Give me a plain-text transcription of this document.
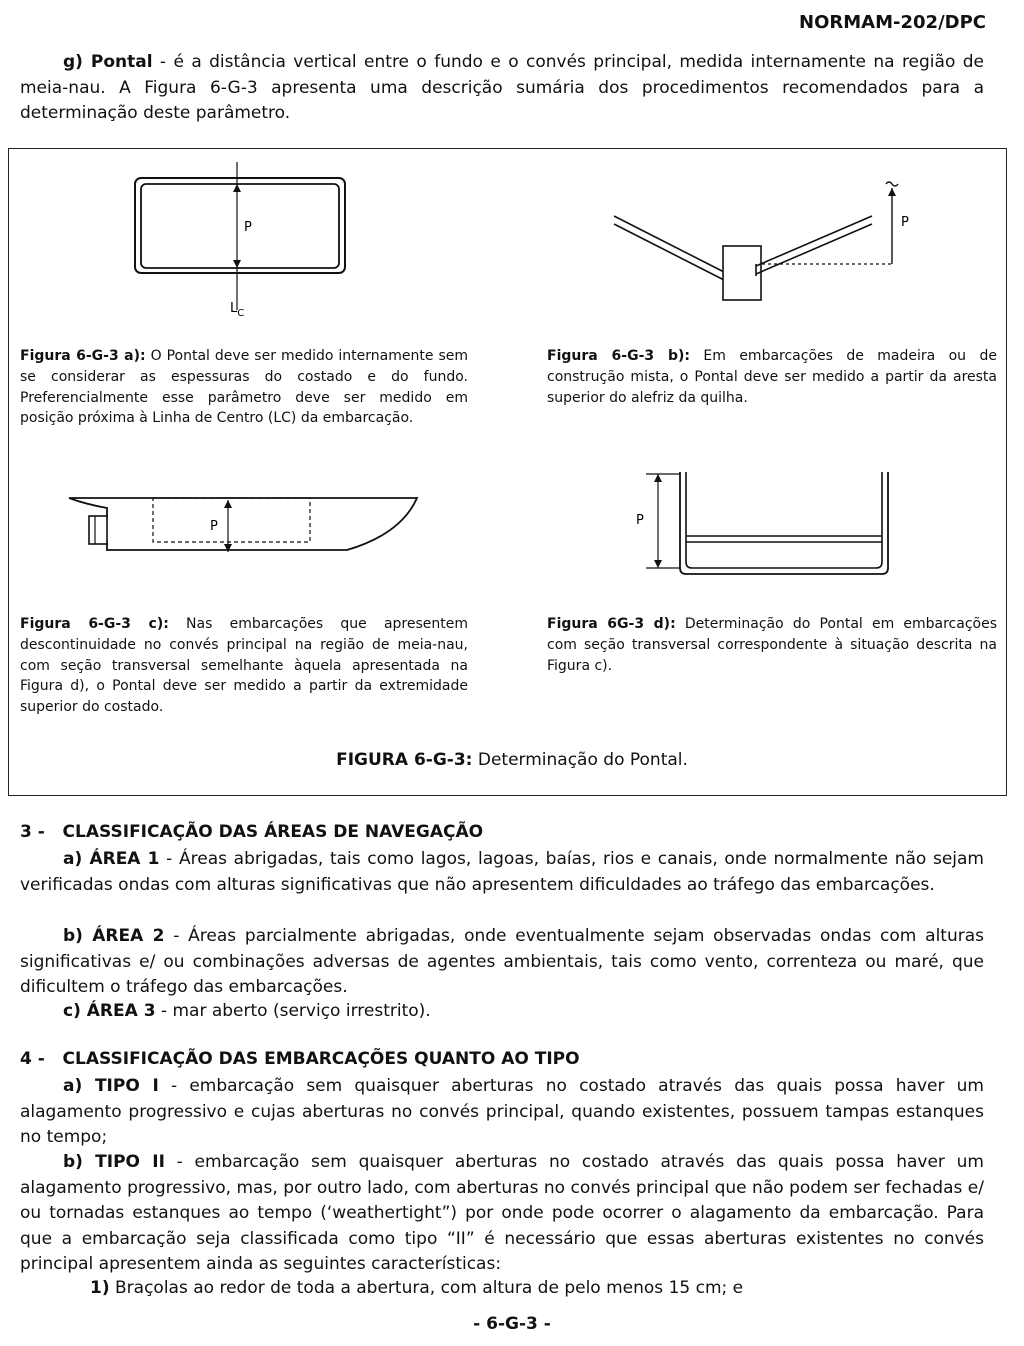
NORMAM-202/DPC
g) Pontal - é a distância vertical entre o fundo e o convés principal, medida internamente na região de meia-nau. A Figura 6-G-3 apresenta uma descrição sumária dos procedimentos recomendados para a determinação deste parâmetro.
P
$L_C$
P
Figura 6-G-3 a): O Pontal deve ser medido internamente sem se considerar as espessuras do costado e do fundo. Preferencialmente esse parâmetro deve ser medido em posição próxima à Linha de Centro (LC) da embarcação.
Figura 6-G-3 b): Em embarcações de madeira ou de construção mista, o Pontal deve ser medido a partir da aresta superior do alefriz da quilha.
P	P
Figura 6-G-3 c): Nas embarcações que apresentem descontinuidade no convés principal na região de meia-nau, com seção transversal semelhante àquela apresentada na Figura d), o Pontal deve ser medido a partir da extremidade superior do costado.
Figura 6G-3 d): Determinação do Pontal em embarcações com seção transversal correspondente à situação descrita na Figura c).
FIGURA 6-G-3: Determinação do Pontal.
3 -   CLASSIFICAÇÃO DAS ÁREAS DE NAVEGAÇÃO
a) ÁREA 1 - Áreas abrigadas, tais como lagos, lagoas, baías, rios e canais, onde normalmente não sejam verificadas ondas com alturas significativas que não apresentem dificuldades ao tráfego das embarcações.
b) ÁREA 2 - Áreas parcialmente abrigadas, onde eventualmente sejam observadas ondas com alturas significativas e/ ou combinações adversas de agentes ambientais, tais como vento, correnteza ou maré, que dificultem o tráfego das embarcações.
c) ÁREA 3 - mar aberto (serviço irrestrito).
4 -   CLASSIFICAÇÃO DAS EMBARCAÇÕES QUANTO AO TIPO
a) TIPO I - embarcação sem quaisquer aberturas no costado através das quais possa haver um alagamento progressivo e cujas aberturas no convés principal, quando existentes, possuem tampas estanques no tempo;
b) TIPO II - embarcação sem quaisquer aberturas no costado através das quais possa haver um alagamento progressivo, mas, por outro lado, com aberturas no convés principal que não podem ser fechadas e/ ou tornadas estanques ao tempo (‘weathertight”) por onde pode ocorrer o alagamento da embarcação. Para que a embarcação seja classificada como tipo “II” é necessário que essas aberturas existentes no convés principal apresentem ainda as seguintes características:
1) Braçolas ao redor de toda a abertura, com altura de pelo menos 15 cm; e
- 6-G-3 -
